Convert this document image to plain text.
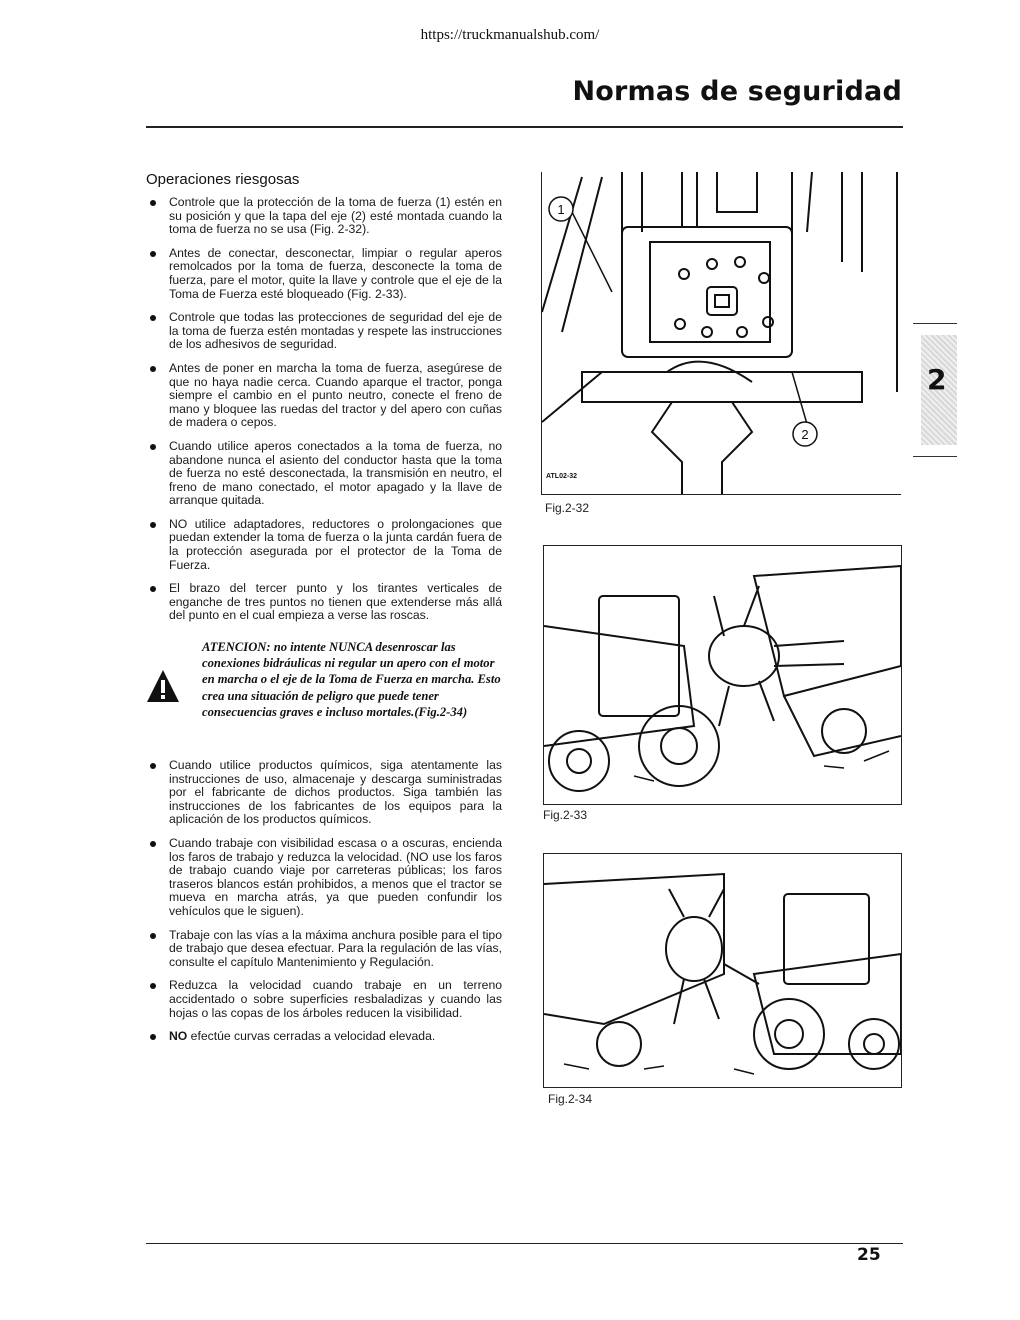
https://truckmanualshub.com/
Normas de seguridad
Operaciones riesgosas
Controle que la protección de la toma de fuerza (1) estén en su posición y que la tapa del eje (2) esté montada cuando la toma de fuerza no se usa (Fig. 2-32).
Antes de conectar, desconectar, limpiar o regular aperos remolcados por la toma de fuerza, desconecte la toma de fuerza, pare el motor, quite la llave y controle que el eje de la Toma de Fuerza esté bloqueado (Fig. 2-33).
Controle que todas las protecciones de seguridad del eje de la toma de fuerza estén montadas y respete las instrucciones de los adhesivos de seguridad.
Antes de poner en marcha la toma de fuerza, asegúrese de que no haya nadie cerca. Cuando aparque el tractor, ponga siempre el cambio en el punto neutro, conecte el freno de mano y bloquee las ruedas del tractor y del apero con cuñas de madera o cepos.
Cuando utilice aperos conectados a la toma de fuerza, no abandone nunca el asiento del conductor hasta que la toma de fuerza no esté desconectada, la transmisión en neutro, el freno de mano conectado, el motor apagado y la llave de arranque quitada.
NO utilice adaptadores, reductores o prolongaciones que puedan extender la toma de fuerza o la junta cardán fuera de la protección asegurada por el protector de la Toma de Fuerza.
El brazo del tercer punto y los tirantes verticales de enganche de tres puntos no tienen que extenderse más allá del punto en el cual empieza a verse las roscas.
ATENCION: no intente NUNCA desenroscar las conexiones bidráulicas ni regular un apero con el motor en marcha o el eje de la Toma de Fuerza en marcha. Esto crea una situación de peligro que puede tener consecuencias graves e incluso mortales.(Fig.2-34)
Cuando utilice productos químicos, siga atentamente las instrucciones de uso, almacenaje y descarga suministradas por el fabricante de dichos productos. Siga también las instrucciones de los fabricantes de los equipos para la aplicación de los productos químicos.
Cuando trabaje con visibilidad escasa o a oscuras, encienda los faros de trabajo y reduzca la velocidad. (NO use los faros de trabajo cuando viaje por carreteras públicas; los faros traseros blancos están prohibidos, a menos que el tractor se mueva en marcha atrás, ya que pueden confundir los vehículos que le siguen).
Trabaje con las vías a la máxima anchura posible para el tipo de trabajo que desea efectuar. Para la regulación de las vías, consulte el capítulo Mantenimiento y Regulación.
Reduzca la velocidad cuando trabaje en un terreno accidentado o sobre superficies resbaladizas y cuando las hojas o las copas de los árboles reducen la visibilidad.
NO efectúe curvas cerradas a velocidad elevada.
1
2
ATL02-32
Fig.2-32
Fig.2-33
Fig.2-34
2
25
